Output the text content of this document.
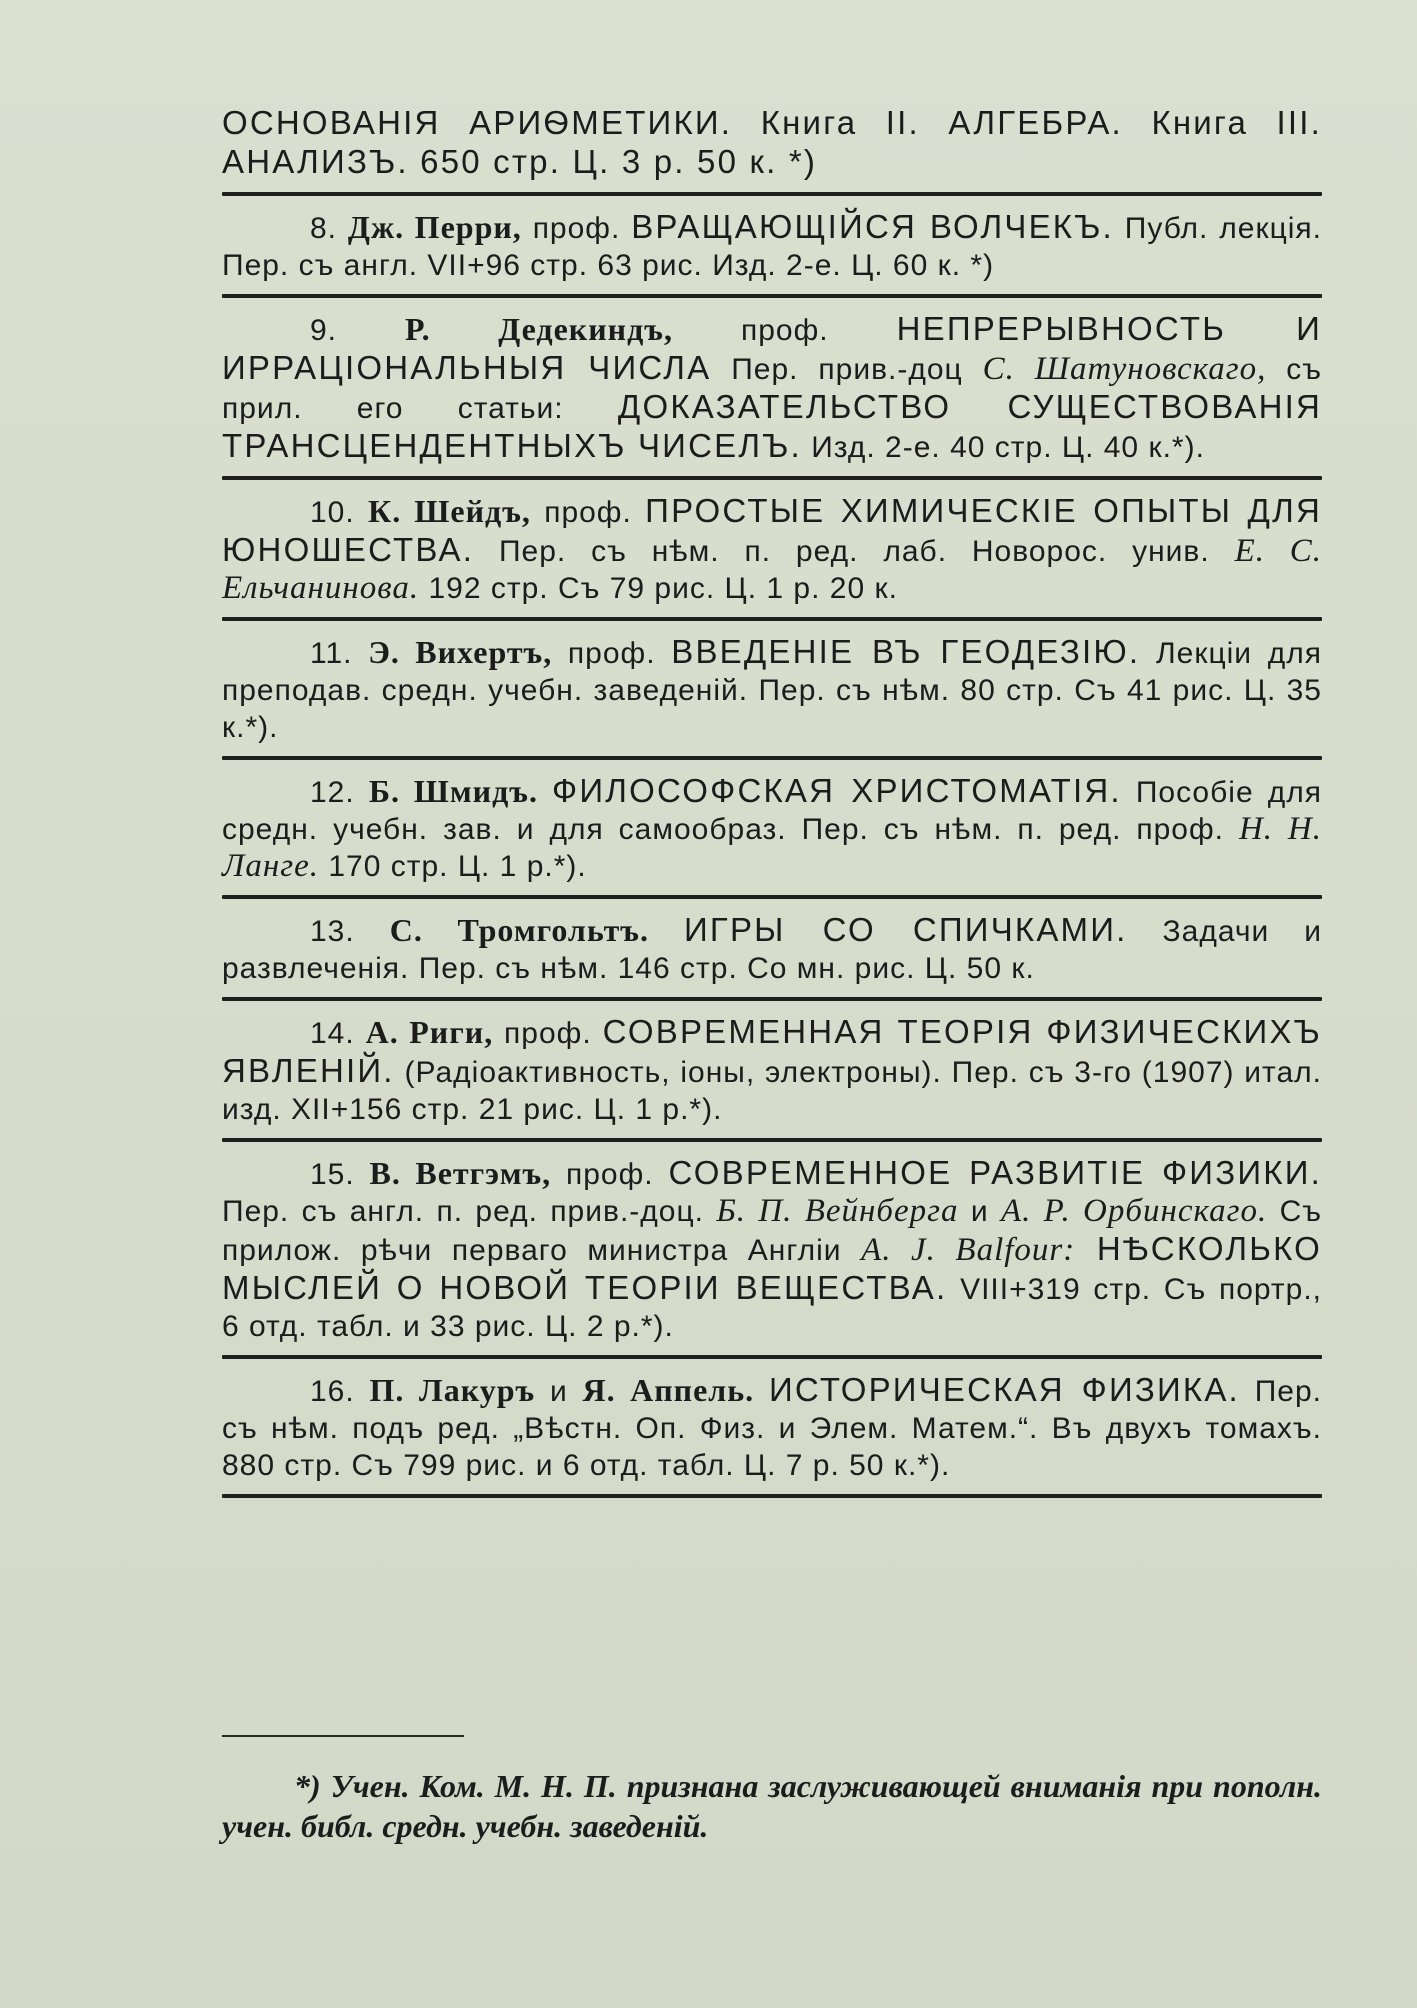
ОСНОВАНІЯ АРИѲМЕТИКИ. Книга II. АЛГЕБРА. Книга III. АНАЛИЗЪ. 650 стр. Ц. 3 р. 50 к. *)
8. Дж. Перри, проф. ВРАЩАЮЩІЙСЯ ВОЛЧЕКЪ. Публ. лекція. Пер. съ англ. VII+96 стр. 63 рис. Изд. 2-е. Ц. 60 к. *)
9. Р. Дедекиндъ, проф. НЕПРЕРЫВНОСТЬ И ИРРАЦІОНАЛЬНЫЯ ЧИСЛА Пер. прив.-доц С. Шатуновскаго, съ прил. его статьи: ДОКАЗАТЕЛЬСТВО СУЩЕСТВОВАНІЯ ТРАНСЦЕНДЕНТНЫХЪ ЧИСЕЛЪ. Изд. 2-е. 40 стр. Ц. 40 к.*).
10. К. Шейдъ, проф. ПРОСТЫЕ ХИМИЧЕСКІЕ ОПЫТЫ ДЛЯ ЮНОШЕСТВА. Пер. съ нѣм. п. ред. лаб. Новорос. унив. Е. С. Ельчанинова. 192 стр. Съ 79 рис. Ц. 1 р. 20 к.
11. Э. Вихертъ, проф. ВВЕДЕНІЕ ВЪ ГЕОДЕЗІЮ. Лекціи для преподав. средн. учебн. заведеній. Пер. съ нѣм. 80 стр. Съ 41 рис. Ц. 35 к.*).
12. Б. Шмидъ. ФИЛОСОФСКАЯ ХРИСТОМАТІЯ. Пособіе для средн. учебн. зав. и для самообраз. Пер. съ нѣм. п. ред. проф. Н. Н. Ланге. 170 стр. Ц. 1 р.*).
13. С. Тромгольтъ. ИГРЫ СО СПИЧКАМИ. Задачи и развлеченія. Пер. съ нѣм. 146 стр. Со мн. рис. Ц. 50 к.
14. А. Риги, проф. СОВРЕМЕННАЯ ТЕОРІЯ ФИЗИЧЕСКИХЪ ЯВЛЕНІЙ. (Радіоактивность, іоны, электроны). Пер. съ 3-го (1907) итал. изд. XII+156 стр. 21 рис. Ц. 1 р.*).
15. В. Ветгэмъ, проф. СОВРЕМЕННОЕ РАЗВИТІЕ ФИЗИКИ. Пер. съ англ. п. ред. прив.-доц. Б. П. Вейнберга и А. Р. Орбинскаго. Съ прилож. рѣчи перваго министра Англіи A. J. Balfour: НѢСКОЛЬКО МЫСЛЕЙ О НОВОЙ ТЕОРІИ ВЕЩЕСТВА. VIII+319 стр. Съ портр., 6 отд. табл. и 33 рис. Ц. 2 р.*).
16. П. Лакуръ и Я. Аппель. ИСТОРИЧЕСКАЯ ФИЗИКА. Пер. съ нѣм. подъ ред. „Вѣстн. Оп. Физ. и Элем. Матем.“. Въ двухъ томахъ. 880 стр. Съ 799 рис. и 6 отд. табл. Ц. 7 р. 50 к.*).
*) Учен. Ком. М. Н. П. признана заслуживающей вниманія при пополн. учен. библ. средн. учебн. заведеній.
